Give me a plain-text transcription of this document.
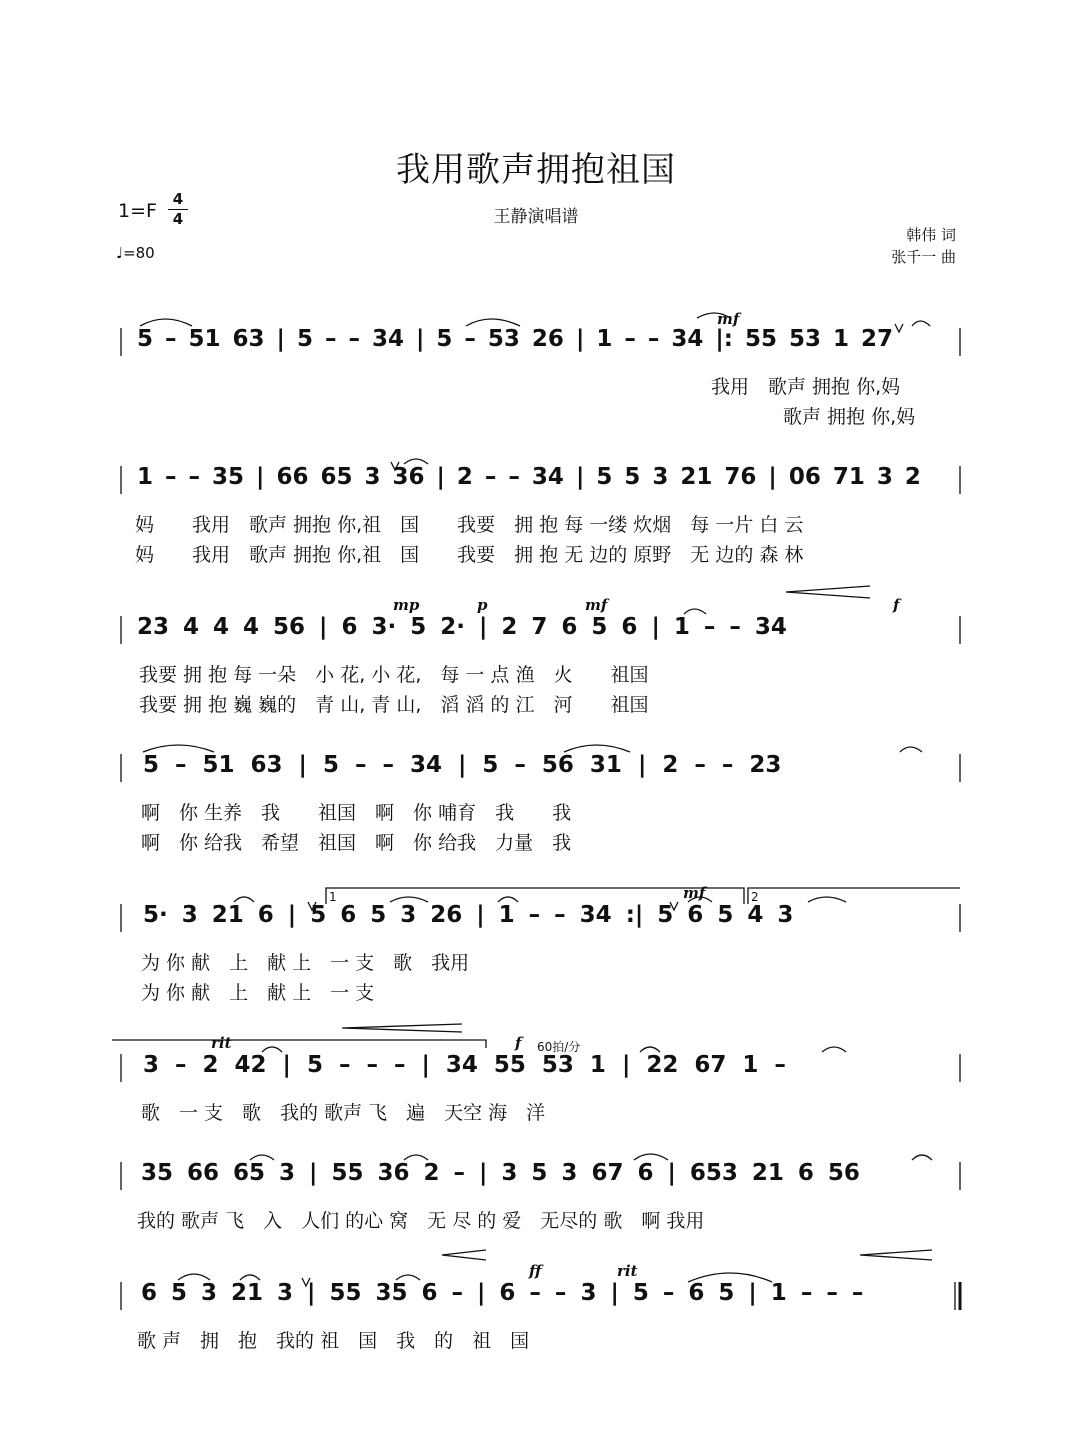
我用歌声拥抱祖国
王静演唱谱
1=F
4
4
♩=80
韩伟 词
张千一 曲
5 – 51 63 | 5 – – 34 | 5 – 53 26 | 1 – – 34 |: 55 53 1 27
mf
我用　歌声 拥抱 你,妈
歌声 拥抱 你,妈
1 – – 35 | 66 65 3 36 | 2 – – 34 | 5 5 3 21 76 | 06 71 3 2
妈　　我用　歌声 拥抱 你,祖　国　　我要　拥 抱 每 一缕 炊烟　每 一片 白 云
妈　　我用　歌声 拥抱 你,祖　国　　我要　拥 抱 无 边的 原野　无 边的 森 林
23 4 4 4 56 | 6 3· 5 2· | 2 7 6 5 6 | 1 – – 34
mp	p	mf	f
我要 拥 抱 每 一朵　小 花, 小 花,　每 一 点 渔　火　　祖国
我要 拥 抱 巍 巍的　青 山, 青 山,　滔 滔 的 江　河　　祖国
5 – 51 63 | 5 – – 34 | 5 – 56 31 | 2 – – 23
啊　你 生养　我　　祖国　啊　你 哺育　我　　我
啊　你 给我　希望　祖国　啊　你 给我　力量　我
5· 3 21 6 | 5 6 5 3 26 | 1 – – 34 :| 5 6 5 4 3
mf
1	2
为 你 献　上　献 上　一 支　歌　我用
为 你 献　上　献 上　一 支
3 – 2 42 | 5 – – – | 34 55 53 1 | 22 67 1 –
rit	f 60拍/分
歌　一 支　歌　我的 歌声 飞　遍　天空 海　洋
35 66 65 3 | 55 36 2 – | 3 5 3 67 6 | 653 21 6 56
我的 歌声 飞　入　人们 的心 窝　无 尽 的 爱　无尽的 歌　啊 我用
6 5 3 21 3 | 55 35 6 – | 6 – – 3 | 5 – 6 5 | 1 – – –
ff	rit
歌 声　拥　抱　我的 祖　国　我　的　祖　国
